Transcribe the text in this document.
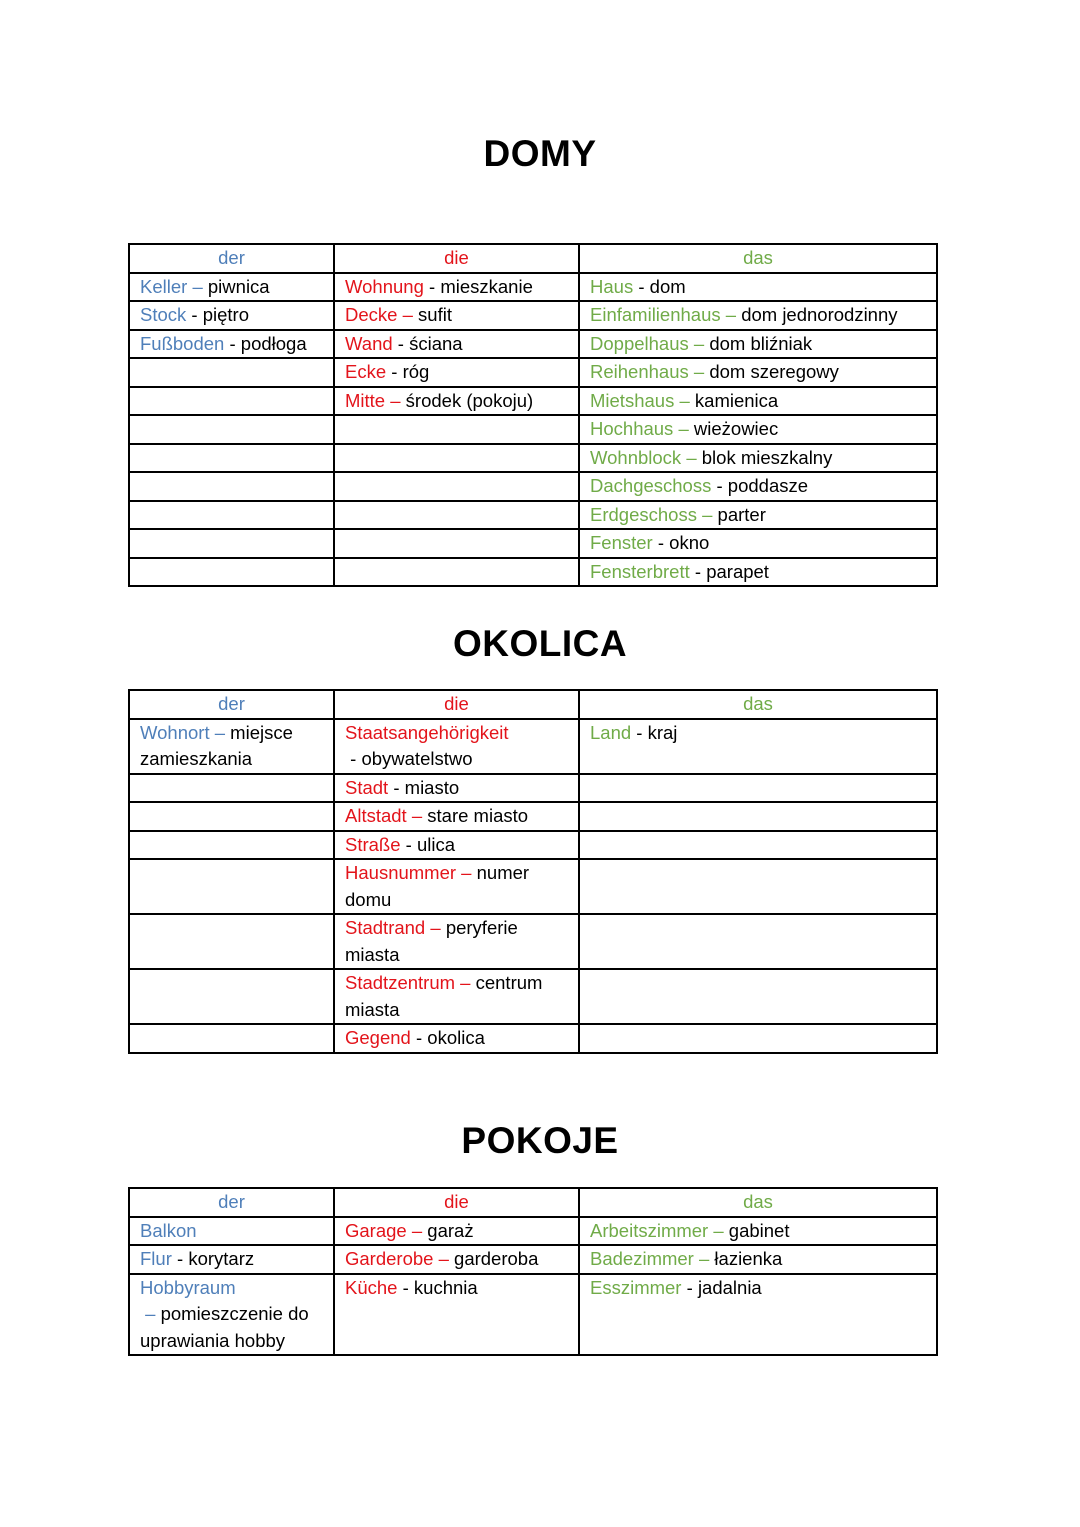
DOMY
der	die	das
Keller – piwnica	Wohnung - mieszkanie	Haus - dom
Stock - piętro	Decke – sufit	Einfamilienhaus – dom jednorodzinny
Fußboden - podłoga	Wand - ściana	Doppelhaus – dom bliźniak
	Ecke - róg	Reihenhaus – dom szeregowy
	Mitte – środek (pokoju)	Mietshaus – kamienica
		Hochhaus – wieżowiec
		Wohnblock – blok mieszkalny
		Dachgeschoss - poddasze
		Erdgeschoss – parter
		Fenster - okno
		Fensterbrett - parapet
OKOLICA
der	die	das
Wohnort – miejsce zamieszkania	Staatsangehörigkeit - obywatelstwo	Land - kraj
	Stadt - miasto	
	Altstadt – stare miasto	
	Straße - ulica	
	Hausnummer – numer domu	
	Stadtrand – peryferie miasta	
	Stadtzentrum – centrum miasta	
	Gegend - okolica	
POKOJE
der	die	das
Balkon	Garage – garaż	Arbeitszimmer – gabinet
Flur - korytarz	Garderobe – garderoba	Badezimmer – łazienka
Hobbyraum – pomieszczenie do uprawiania hobby	Küche - kuchnia	Esszimmer - jadalnia
